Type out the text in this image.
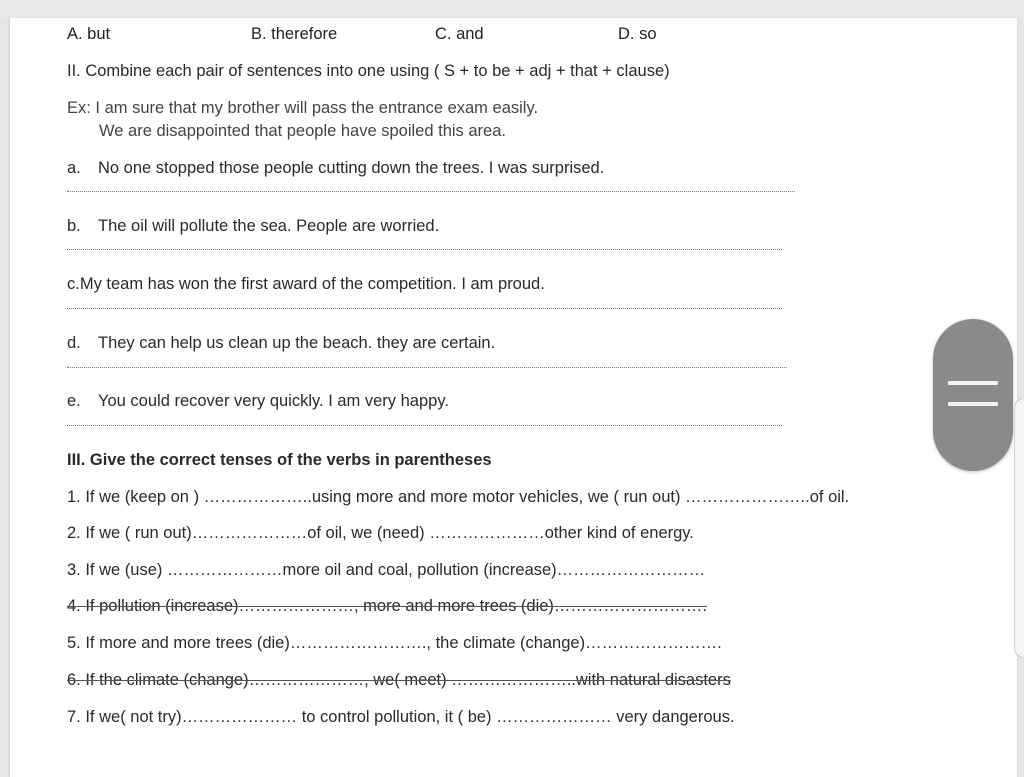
A. but	B. therefore	C. and	D. so
II. Combine each pair of sentences into one using ( S + to be + adj + that + clause)
Ex: I am sure that my brother will pass the entrance exam easily.
We are disappointed that people have spoiled this area.
a. No one stopped those people cutting down the trees. I was surprised.
b. The oil will pollute the sea. People are worried.
c.My team has won the first award of the competition. I am proud.
d. They can help us clean up the beach. they are certain.
e. You could recover very quickly. I am very happy.
III. Give the correct tenses of the verbs in parentheses
1. If we (keep on ) ………………..using more and more motor vehicles, we ( run out) …………………..of oil.
2. If we ( run out)…………………of oil, we (need) …………………other kind of energy.
3. If we (use) …………………more oil and coal, pollution (increase)………………………
4. If pollution (increase)…………………, more and more trees (die)……………………….
5. If more and more trees (die)……………………., the climate (change)…………………….
6. If the climate (change)…………………, we( meet) …………………..with natural disasters
7. If we( not try)………………… to control pollution, it ( be) ………………… very dangerous.
